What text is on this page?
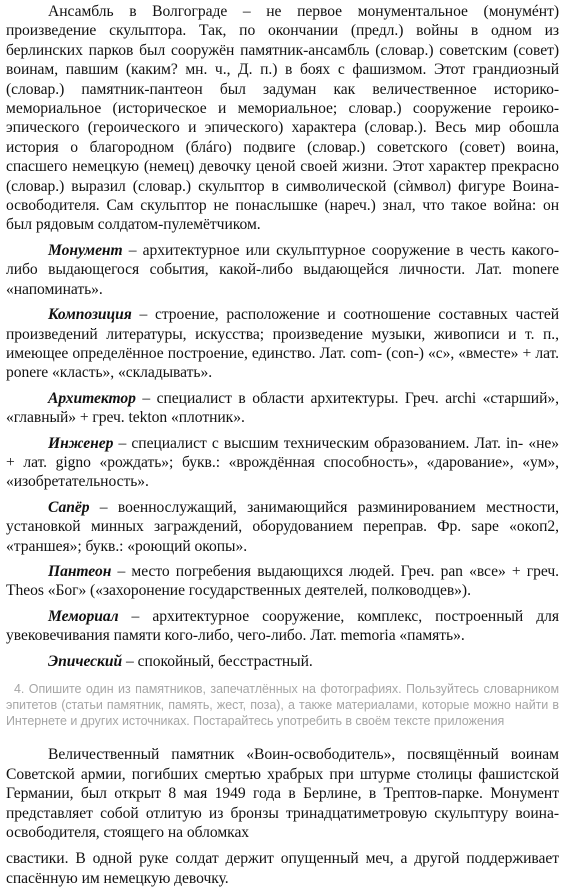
Ансамбль в Волгограде – не первое монументальное (монумéнт) произведение скульптора. Так, по окончании (предл.) войны в одном из берлинских парков был сооружён памятник-ансамбль (словар.) советским (совет) воинам, павшим (каким? мн. ч., Д. п.) в боях с фашизмом. Этот грандиозный (словар.) памятник-пантеон был задуман как величественное историко-мемориальное (историческое и мемориальное; словар.) сооружение героико-эпического (героического и эпического) характера (словар.). Весь мир обошла история о благородном (блáго) подвиге (словар.) советского (совет) воина, спасшего немецкую (немец) девочку ценой своей жизни. Этот характер прекрасно (словар.) выразил (словар.) скульптор в символической (сѝмвол) фигуре Воина-освободителя. Сам скульптор не понаслышке (нареч.) знал, что такое война: он был рядовым солдатом-пулемётчиком.

Монумент – архитектурное или скульптурное сооружение в честь какого-либо выдающегося события, какой-либо выдающейся личности. Лат. monere «напоминать».

Композиция – строение, расположение и соотношение составных частей произведений литературы, искусства; произведение музыки, живописи и т. п., имеющее определённое построение, единство. Лат. com- (con-) «с», «вместе» + лат. ponere «класть», «складывать».

Архитектор – специалист в области архитектуры. Греч. archi «старший», «главный» + греч. tekton «плотник».

Инженер – специалист с высшим техническим образованием. Лат. in- «не» + лат. gigno «рождать»; букв.: «врождённая способность», «дарование», «ум», «изобретательность».

Сапёр – военнослужащий, занимающийся разминированием местности, установкой минных заграждений, оборудованием переправ. Фр. sape «окоп2, «траншея»; букв.: «роющий окопы».

Пантеон – место погребения выдающихся людей. Греч. pan «все» + греч. Theos «Бог» («захоронение государственных деятелей, полководцев»).

Мемориал – архитектурное сооружение, комплекс, построенный для увековечивания памяти кого-либо, чего-либо. Лат. memoria «память».

Эпический – спокойный, бесстрастный.

4. Опишите один из памятников, запечатлённых на фотографиях. Пользуйтесь словарником эпитетов (статьи памятник, память, жест, поза), а также материалами, которые можно найти в Интернете и других источниках. Постарайтесь употребить в своём тексте приложения

Величественный памятник «Воин-освободитель», посвящённый воинам Советской армии, погибших смертью храбрых при штурме столицы фашистской Германии, был открыт 8 мая 1949 года в Берлине, в Трептов-парке. Монумент представляет собой отлитую из бронзы тринадцатиметровую скульптуру воина-освободителя, стоящего на обломках

свастики. В одной руке солдат держит опущенный меч, а другой поддерживает спасённую им немецкую девочку.
